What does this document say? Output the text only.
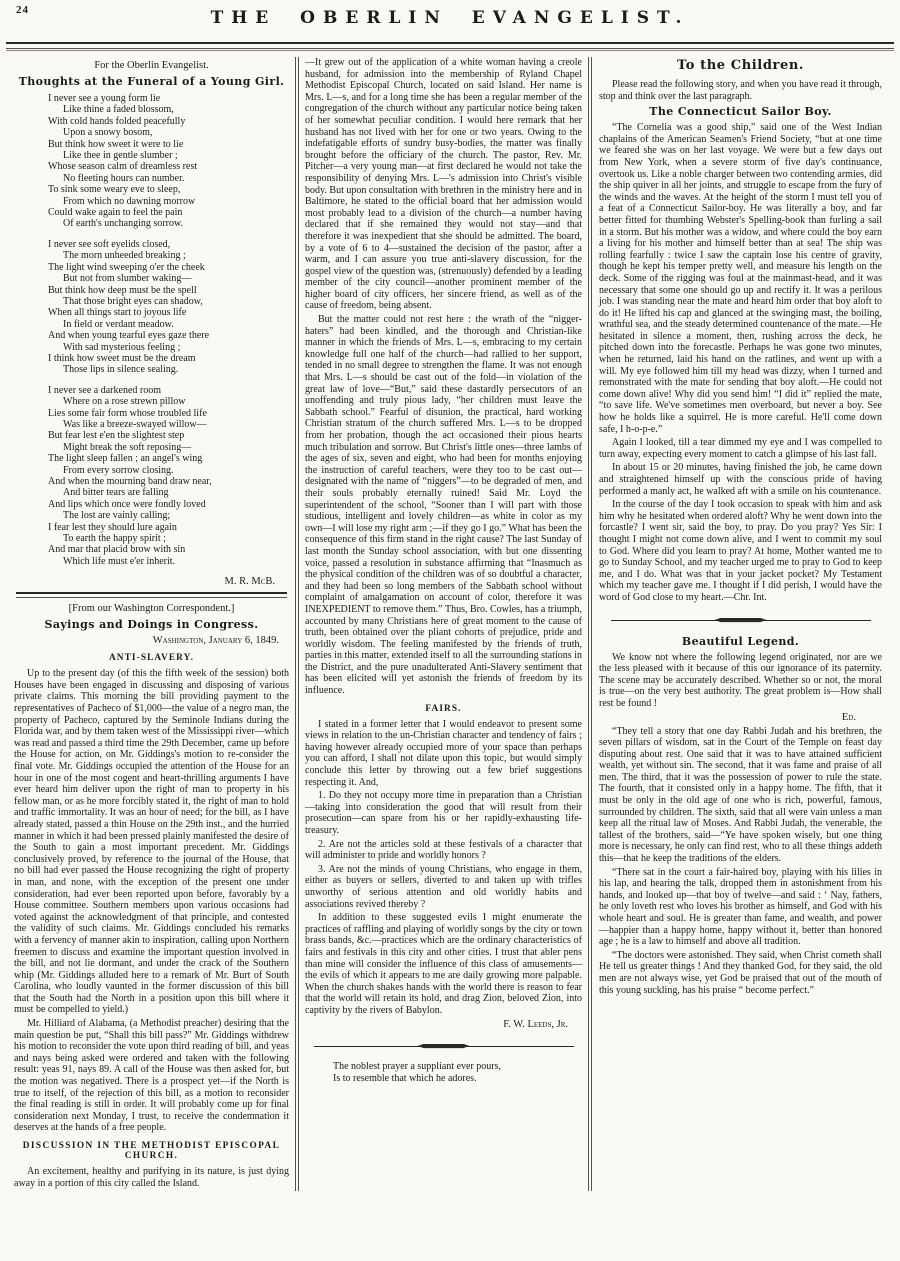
24	THE OBERLIN EVANGELIST.
For the Oberlin Evangelist.
Thoughts at the Funeral of a Young Girl.
I never see a young form lie
Like thine a faded blossom,
With cold hands folded peacefully
Upon a snowy bosom,
But think how sweet it were to lie
Like thee in gentle slumber ;
Whose season calm of dreamless rest
No fleeting hours can number.
To sink some weary eve to sleep,
From which no dawning morrow
Could wake again to feel the pain
Of earth's unchanging sorrow.
I never see soft eyelids closed,
The morn unheeded breaking ;
The light wind sweeping o'er the cheek
But not from slumber waking—
But think how deep must be the spell
That those bright eyes can shadow,
When all things start to joyous life
In field or verdant meadow.
And when young tearful eyes gaze there
With sad mysterious feeling ;
I think how sweet must be the dream
Those lips in silence sealing.
I never see a darkened room
Where on a rose strewn pillow
Lies some fair form whose troubled life
Was like a breeze-swayed willow—
But fear lest e'en the slightest step
Might break the soft reposing—
The light sleep fallen ; an angel's wing
From every sorrow closing.
And when the mourning band draw near,
And bitter tears are falling
And lips which once were fondly loved
The lost are vainly calling;
I fear lest they should lure again
To earth the happy spirit ;
And mar that placid brow with sin
Which life must e'er inherit.
M. R. McB.
[From our Washington Correspondent.]
Sayings and Doings in Congress.
Washington, January 6, 1849.
ANTI-SLAVERY.

Up to the present day (of this the fifth week of the session) both Houses have been engaged in discussing and disposing of various private claims. This morning the bill providing payment to the representatives of Pacheco of $1,000—the value of a negro man, the property of Pacheco, captured by the Seminole Indians during the Florida war, and by them taken west of the Mississippi river—which was read and passed a third time the 29th December, came up before the House for action, on Mr. Giddings's motion to re-consider the final vote. Mr. Giddings occupied the attention of the House for an hour in one of the most cogent and heart-thrilling arguments I have ever heard him deliver upon the right of man to property in his fellow man, or as he more forcibly stated it, the right of man to hold and traffic immortality. It was an hour of need; for the bill, as I have already stated, passed a thin House on the 29th inst., and the hurried manner in which it had been pressed plainly manifested the desire of the South to gain a most important precedent. Mr. Giddings conclusively proved, by reference to the journal of the House, that no bill had ever passed the House recognizing the right of property in man, and none, with the exception of the present one under consideration, had ever been reported upon before, favorably by a House committee. Southern members upon various occasions had voted against the acknowledgment of that principle, and contested the validity of such claims. Mr. Giddings concluded his remarks with a fervency of manner akin to inspiration, calling upon Northern freemen to discuss and examine the important question involved in the bill, and not lie dormant, and under the crack of the Southern whip (Mr. Giddings alluded here to a remark of Mr. Burt of South Carolina, who loudly vaunted in the former discussion of this bill that the South had the North in a position upon this bill where it must be compelled to yield.)

Mr. Hilliard of Alabama, (a Methodist preacher) desiring that the main question be put, “Shall this bill pass?” Mr. Giddings withdrew his motion to reconsider the vote upon third reading of bill, and yeas and nays being asked were ordered and taken with the following result: yeas 91, nays 89. A call of the House was then asked for, but the motion was negatived. There is a prospect yet—if the North is true to itself, of the rejection of this bill, as a motion to reconsider the final reading is still in order. It will probably come up for final consideration next Monday, I trust, to receive the condemnation it deserves at the hands of a free people.

DISCUSSION IN THE METHODIST EPISCOPAL CHURCH.

An excitement, healthy and purifying in its nature, is just dying away in a portion of this city called the Island.

—It grew out of the application of a white woman having a creole husband, for admission into the membership of Ryland Chapel Methodist Episcopal Church, located on said Island. Her name is Mrs. L—s, and for a long time she has been a regular member of the congregation of the church without any particular notice being taken of her somewhat peculiar condition. I would here remark that her husband has not lived with her for one or two years. Owing to the indefatigable efforts of sundry busy-bodies, the matter was finally brought before the officiary of the church. The pastor, Rev. Mr. Pitcher—a very young man—at first declared he would not take the responsibility of denying Mrs. L—'s admission into Christ's visible body. But upon consultation with brethren in the ministry here and in Baltimore, he stated to the official board that her admission would most probably lead to a division of the church—a number having declared that if she remained they would not stay—and that therefore it was inexpedient that she should be admitted. The board, by a vote of 6 to 4—sustained the decision of the pastor, after a warm, and I can assure you true anti-slavery discussion, for the gospel view of the question was, (strenuously) defended by a leading member of the city council—another prominent member of the higher board of city officers, her sincere friend, as well as of the cause of freedom, being absent.

But the matter could not rest here : the wrath of the “nigger-haters” had been kindled, and the thorough and Christian-like manner in which the friends of Mrs. L—s, embracing to my certain knowledge full one half of the church—had rallied to her support, tended in no small degree to strengthen the flame. It was not enough that Mrs. L—s should be cast out of the fold—in violation of the great law of love—“But,” said these dastardly persecutors of an unoffending and truly pious lady, “her children must leave the Sabbath school.” Fearful of disunion, the practical, hard working Christian stratum of the church suffered Mrs. L—s to be dropped from her probation, though the act occasioned their pious hearts much tribulation and sorrow. But Christ's little ones—three lambs of the ages of six, seven and eight, who had been for months enjoying the instruction of careful teachers, were they too to be cast out—designated with the name of “niggers”—to be degraded of men, and their souls probably eternally ruined! Said Mr. Loyd the superintendent of the school, “Sooner than I will part with those studious, intelligent and lovely children—as white in color as my own—I will lose my right arm ;—if they go I go.” What has been the consequence of this firm stand in the right cause? The last Sunday of last month the Sunday school association, with but one dissenting voice, passed a resolution in substance affirming that “Inasmuch as the physical condition of the children was of so doubtful a character, and they had been so long members of the Sabbath school without complaint of amalgamation on account of color, therefore it was INEXPEDIENT to remove them.” Thus, Bro. Cowles, has a triumph, accounted by many Christians here of great moment to the cause of truth, been obtained over the pliant cohorts of prejudice, pride and worldly wisdom. The feeling manifested by the friends of truth, parties in this matter, extended itself to all the surrounding stations in the District, and the pure unadulterated Anti-Slavery sentiment that has been elicited will yet astonish the friends of freedom by its influence.

FAIRS.

I stated in a former letter that I would endeavor to present some views in relation to the un-Christian character and tendency of fairs ; having however already occupied more of your space than perhaps you can afford, I shall not dilate upon this topic, but would simply conclude this letter by throwing out a few brief suggestions respecting it. And,

1. Do they not occupy more time in preparation than a Christian—taking into consideration the good that will result from their prosecution—can spare from his or her rapidly-exhausting life-treasury.

2. Are not the articles sold at these festivals of a character that will administer to pride and worldly honors ?

3. Are not the minds of young Christians, who engage in them, either as buyers or sellers, diverted to and taken up with trifles unworthy of serious attention and old worldly habits and associations revived thereby ?

In addition to these suggested evils I might enumerate the practices of raffling and playing of worldly songs by the city or town brass bands, &c.—practices which are the ordinary characteristics of fairs and festivals in this city and other cities. I trust that abler pens than mine will consider the influence of this class of amusements—the evils of which it appears to me are daily growing more palpable. When the church shakes hands with the world there is reason to fear that the world will retain its hold, and drag Zion, beloved Zion, into captivity by the rivers of Babylon.

F. W. Leeds, Jr.
The noblest prayer a suppliant ever pours,
Is to resemble that which he adores.
To the Children.

Please read the following story, and when you have read it through, stop and think over the last paragraph.

The Connecticut Sailor Boy.

“The Cornelia was a good ship,” said one of the West Indian chaplains of the American Seamen's Friend Society, “but at one time we feared she was on her last voyage. We were but a few days out from New York, when a severe storm of five day's continuance, overtook us. Like a noble charger between two contending armies, did the ship quiver in all her joints, and struggle to escape from the fury of the winds and the waves. At the height of the storm I must tell you of a feat of a Connecticut Sailor-boy. He was literally a boy, and far better fitted for thumbing Webster's Spelling-book than furling a sail in a storm. But his mother was a widow, and where could the boy earn a living for his mother and himself better than at sea! The ship was rolling fearfully : twice I saw the captain lose his centre of gravity, though he kept his temper pretty well, and measure his length on the deck. Some of the rigging was foul at the mainmast-head, and it was necessary that some one should go up and rectify it. It was a perilous job. I was standing near the mate and heard him order that boy aloft to do it! He lifted his cap and glanced at the swinging mast, the boiling, wrathful sea, and the steady determined countenance of the mate.—He hesitated in silence a moment, then, rushing across the deck, he pitched down into the forecastle. Perhaps he was gone two minutes, when he returned, laid his hand on the ratlines, and went up with a will. My eye followed him till my head was dizzy, when I turned and remonstrated with the mate for sending that boy aloft.—He could not come down alive! Why did you send him! “I did it” replied the mate, “to save life. We've sometimes men overboard, but never a boy. See how he holds like a squirrel. He is more careful. He'll come down safe, I h-o-p-e.”

Again I looked, till a tear dimmed my eye and I was compelled to turn away, expecting every moment to catch a glimpse of his last fall.

In about 15 or 20 minutes, having finished the job, he came down and straightened himself up with the conscious pride of having performed a manly act, he walked aft with a smile on his countenance.

In the course of the day I took occasion to speak with him and ask him why he hesitated when ordered aloft? Why he went down into the forcastle? I went sir, said the boy, to pray. Do you pray? Yes Sir: I thought I might not come down alive, and I went to commit my soul to God. Where did you learn to pray? At home, Mother wanted me to go to Sunday School, and my teacher urged me to pray to God to keep me, and I do. What was that in your jacket pocket? My Testament which my teacher gave me. I thought if I did perish, I would have the word of God close to my heart.—Chr. Int.

Beautiful Legend.

We know not where the following legend originated, nor are we the less pleased with it because of this our ignorance of its paternity. The scene may be accurately described. Whether so or not, the moral is true—on the very best authority. The great problem is—How shall rest be found !

Ed.

“They tell a story that one day Rabbi Judah and his brethren, the seven pillars of wisdom, sat in the Court of the Temple on feast day disputing about rest. One said that it was to have attained sufficient wealth, yet without sin. The second, that it was fame and praise of all men. The third, that it was the possession of power to rule the state. The fourth, that it consisted only in a happy home. The fifth, that it must be only in the old age of one who is rich, powerful, famous, surrounded by children. The sixth, said that all were vain unless a man keep all the ritual law of Moses. And Rabbi Judah, the venerable, the tallest of the brothers, said—“Ye have spoken wisely, but one thing more is necessary, he only can find rest, who to all these things addeth this—that he keep the traditions of the elders.

“There sat in the court a fair-haired boy, playing with his lilies in his lap, and hearing the talk, dropped them in astonishment from his hands, and looked up—that boy of twelve—and said : ‘ Nay, fathers, he only loveth rest who loves his brother as himself, and God with his whole heart and soul. He is greater than fame, and wealth, and power—happier than a happy home, happy without it, better than honored age ; he is a law to himself and above all tradition.

“The doctors were astonished. They said, when Christ cometh shall He tell us greater things ! And they thanked God, for they said, the old men are not always wise, yet God be praised that out of the mouth of this young suckling, has his praise “ become perfect.”
